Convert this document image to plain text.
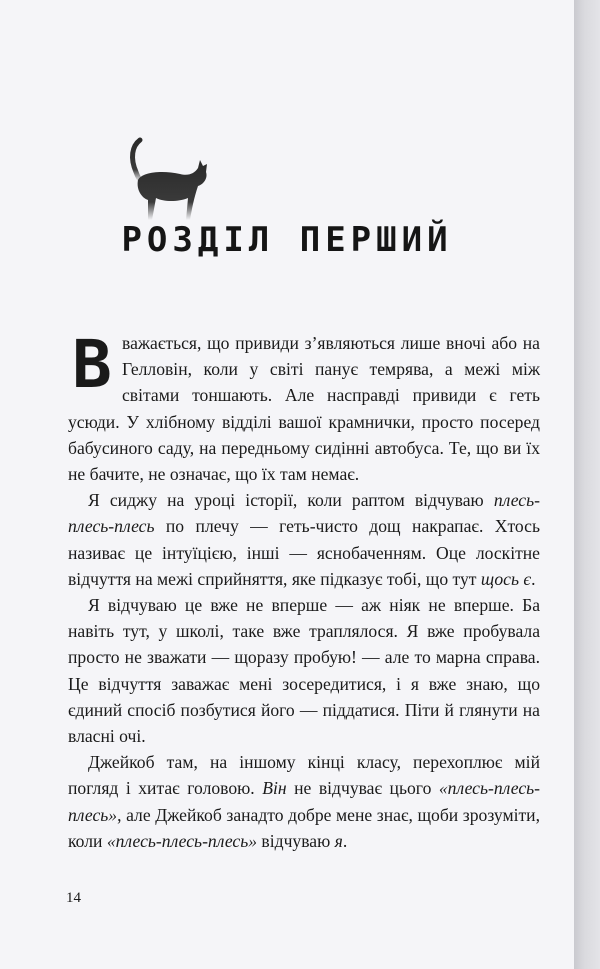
РОЗДІЛ ПЕРШИЙ

Вважається, що привиди з’являються лише вночі або на Гелловін, коли у світі панує темрява, а межі між світами тоншають. Але насправді привиди є геть усюди. У хлібному відділі вашої крамнички, просто посеред бабусиного саду, на передньому сидінні автобуса. Те, що ви їх не бачите, не означає, що їх там немає.

Я сиджу на уроці історії, коли раптом відчуваю плесь-плесь-плесь по плечу — геть-чисто дощ накрапає. Хтось називає це інтуїцією, інші — яснобаченням. Оце лоскітне відчуття на межі сприйняття, яке підказує тобі, що тут щось є.

Я відчуваю це вже не вперше — аж ніяк не вперше. Ба навіть тут, у школі, таке вже траплялося. Я вже пробувала просто не зважати — щоразу пробую! — але то марна справа. Це відчуття заважає мені зосередитися, і я вже знаю, що єдиний спосіб позбутися його — піддатися. Піти й глянути на власні очі.

Джейкоб там, на іншому кінці класу, перехоплює мій погляд і хитає головою. Він не відчуває цього «плесь-плесь-плесь», але Джейкоб занадто добре мене знає, щоби зрозуміти, коли «плесь-плесь-плесь» відчуваю я.

14
